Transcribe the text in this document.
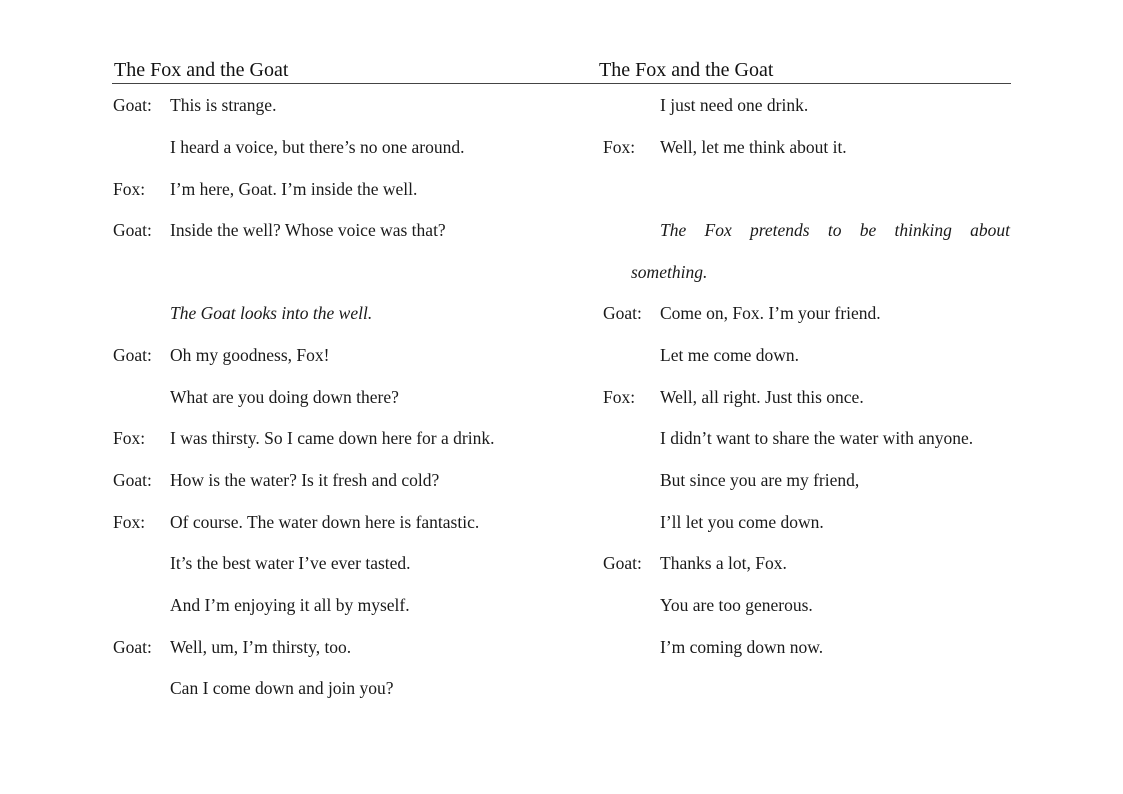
The Fox and the Goat	The Fox and the Goat
Goat: This is strange.
I heard a voice, but there’s no one around.
Fox: I’m here, Goat. I’m inside the well.
Goat: Inside the well? Whose voice was that?
The Goat looks into the well.
Goat: Oh my goodness, Fox!
What are you doing down there?
Fox: I was thirsty. So I came down here for a drink.
Goat: How is the water? Is it fresh and cold?
Fox: Of course. The water down here is fantastic.
It’s the best water I’ve ever tasted.
And I’m enjoying it all by myself.
Goat: Well, um, I’m thirsty, too.
Can I come down and join you?
I just need one drink.
Fox: Well, let me think about it.
The Fox pretends to be thinking about
something.
Goat: Come on, Fox. I’m your friend.
Let me come down.
Fox: Well, all right. Just this once.
I didn’t want to share the water with anyone.
But since you are my friend,
I’ll let you come down.
Goat: Thanks a lot, Fox.
You are too generous.
I’m coming down now.
